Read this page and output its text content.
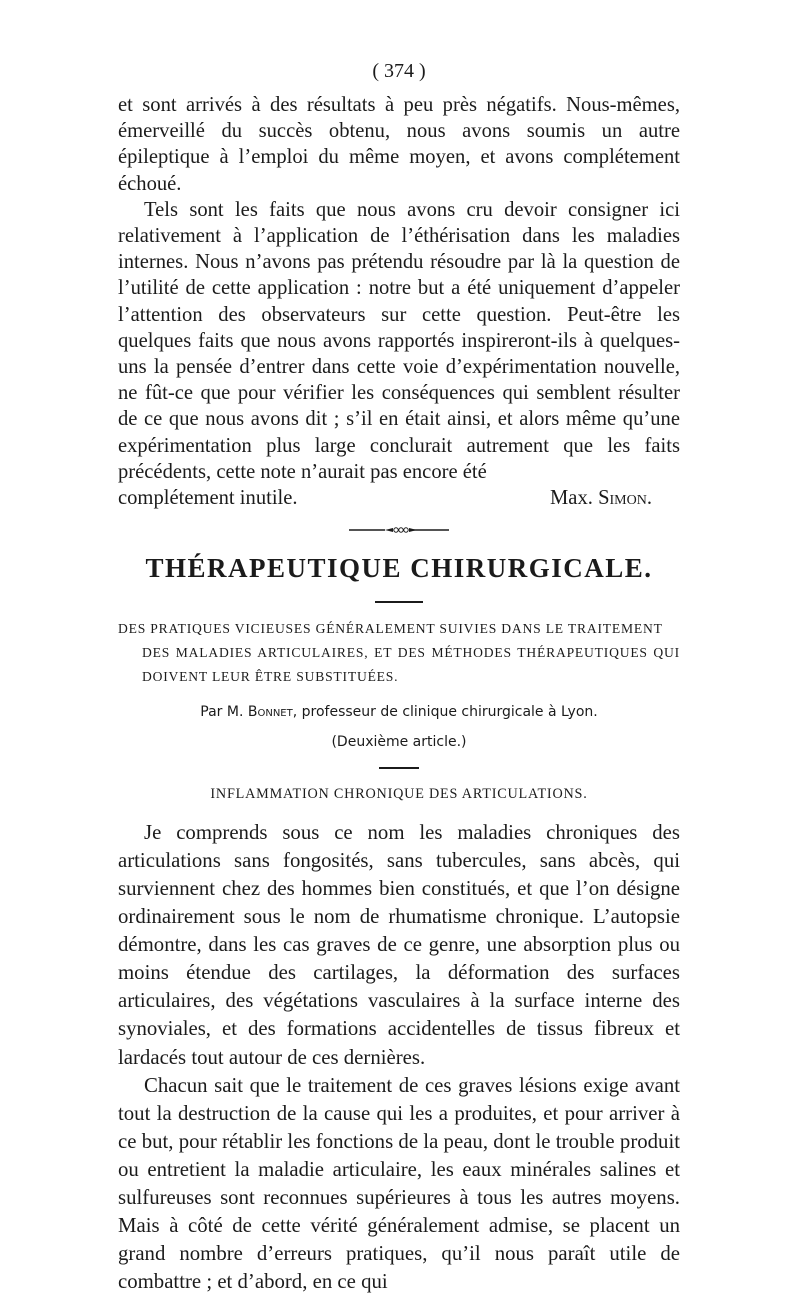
( 374 )

et sont arrivés à des résultats à peu près négatifs. Nous-mêmes, émerveillé du succès obtenu, nous avons soumis un autre épileptique à l’emploi du même moyen, et avons complétement échoué.

Tels sont les faits que nous avons cru devoir consigner ici relativement à l’application de l’éthérisation dans les maladies internes. Nous n’avons pas prétendu résoudre par là la question de l’utilité de cette application : notre but a été uniquement d’appeler l’attention des observateurs sur cette question. Peut-être les quelques faits que nous avons rapportés inspireront-ils à quelques-uns la pensée d’entrer dans cette voie d’expérimentation nouvelle, ne fût-ce que pour vérifier les conséquences qui semblent résulter de ce que nous avons dit ; s’il en était ainsi, et alors même qu’une expérimentation plus large conclurait autrement que les faits précédents, cette note n’aurait pas encore été

complétement inutile.	Max. Simon.
THÉRAPEUTIQUE CHIRURGICALE.

DES PRATIQUES VICIEUSES GÉNÉRALEMENT SUIVIES DANS LE TRAITEMENT
DES MALADIES ARTICULAIRES, ET DES MÉTHODES THÉRAPEUTIQUES QUI DOIVENT LEUR ÊTRE SUBSTITUÉES.

Par M. Bonnet, professeur de clinique chirurgicale à Lyon.
(Deuxième article.)
INFLAMMATION CHRONIQUE DES ARTICULATIONS.

Je comprends sous ce nom les maladies chroniques des articulations sans fongosités, sans tubercules, sans abcès, qui surviennent chez des hommes bien constitués, et que l’on désigne ordinairement sous le nom de rhumatisme chronique. L’autopsie démontre, dans les cas graves de ce genre, une absorption plus ou moins étendue des cartilages, la déformation des surfaces articulaires, des végétations vasculaires à la surface interne des synoviales, et des formations accidentelles de tissus fibreux et lardacés tout autour de ces dernières.

Chacun sait que le traitement de ces graves lésions exige avant tout la destruction de la cause qui les a produites, et pour arriver à ce but, pour rétablir les fonctions de la peau, dont le trouble produit ou entretient la maladie articulaire, les eaux minérales salines et sulfureuses sont reconnues supérieures à tous les autres moyens. Mais à côté de cette vérité généralement admise, se placent un grand nombre d’erreurs pratiques, qu’il nous paraît utile de combattre ; et d’abord, en ce qui
